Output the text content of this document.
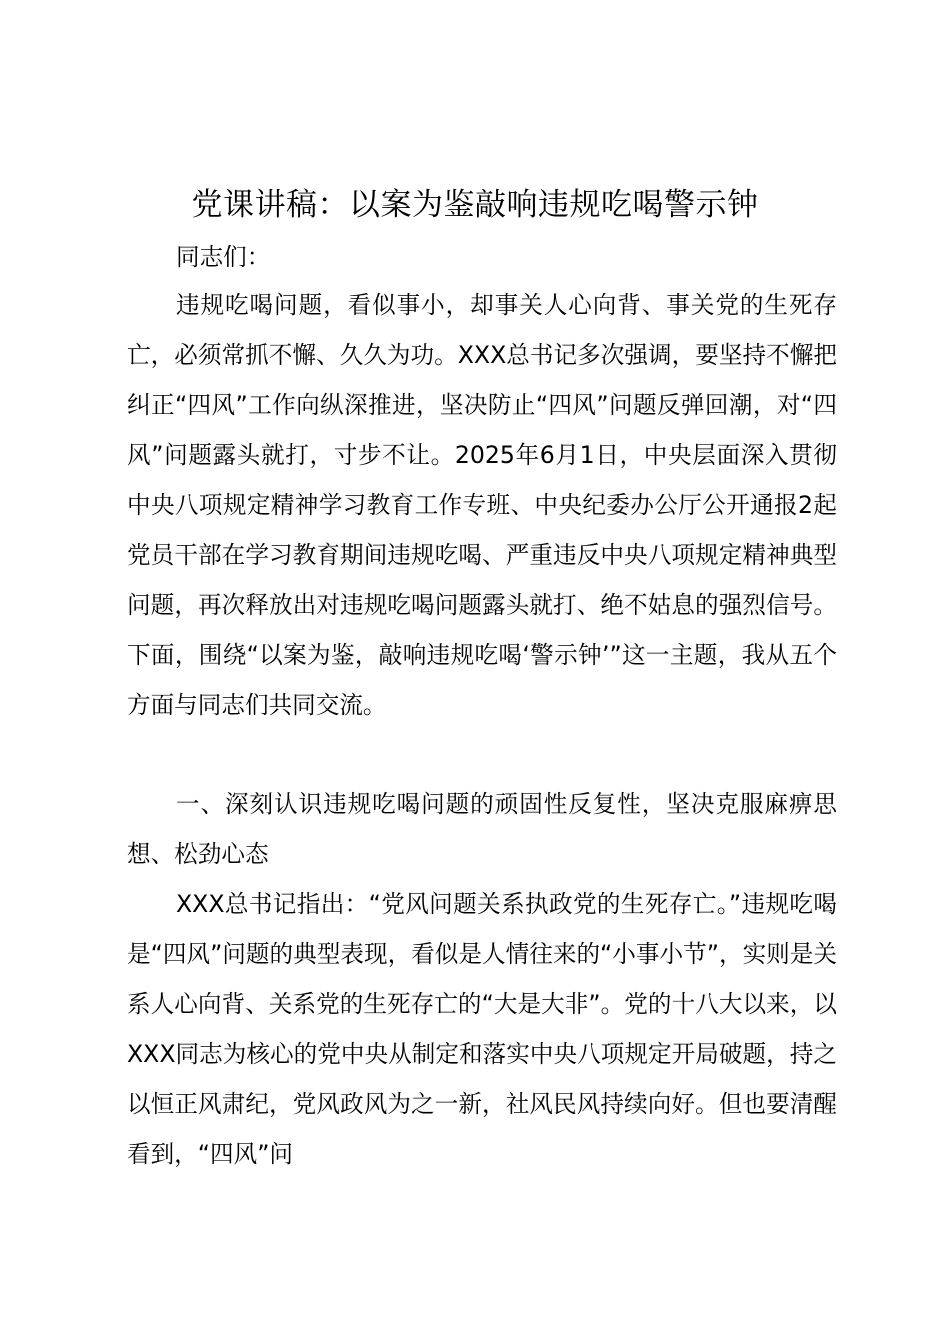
党课讲稿：以案为鉴敲响违规吃喝警示钟

同志们：

违规吃喝问题，看似事小，却事关人心向背、事关党的生死存亡，必须常抓不懈、久久为功。XXX总书记多次强调，要坚持不懈把纠正“四风”工作向纵深推进，坚决防止“四风”问题反弹回潮，对“四风”问题露头就打，寸步不让。2025年6月1日，中央层面深入贯彻中央八项规定精神学习教育工作专班、中央纪委办公厅公开通报2起党员干部在学习教育期间违规吃喝、严重违反中央八项规定精神典型问题，再次释放出对违规吃喝问题露头就打、绝不姑息的强烈信号。下面，围绕“以案为鉴，敲响违规吃喝‘警示钟’”这一主题，我从五个方面与同志们共同交流。

一、深刻认识违规吃喝问题的顽固性反复性，坚决克服麻痹思想、松劲心态

XXX总书记指出：“党风问题关系执政党的生死存亡。”违规吃喝是“四风”问题的典型表现，看似是人情往来的“小事小节”，实则是关系人心向背、关系党的生死存亡的“大是大非”。党的十八大以来，以XXX同志为核心的党中央从制定和落实中央八项规定开局破题，持之以恒正风肃纪，党风政风为之一新，社风民风持续向好。但也要清醒看到，“四风”问
